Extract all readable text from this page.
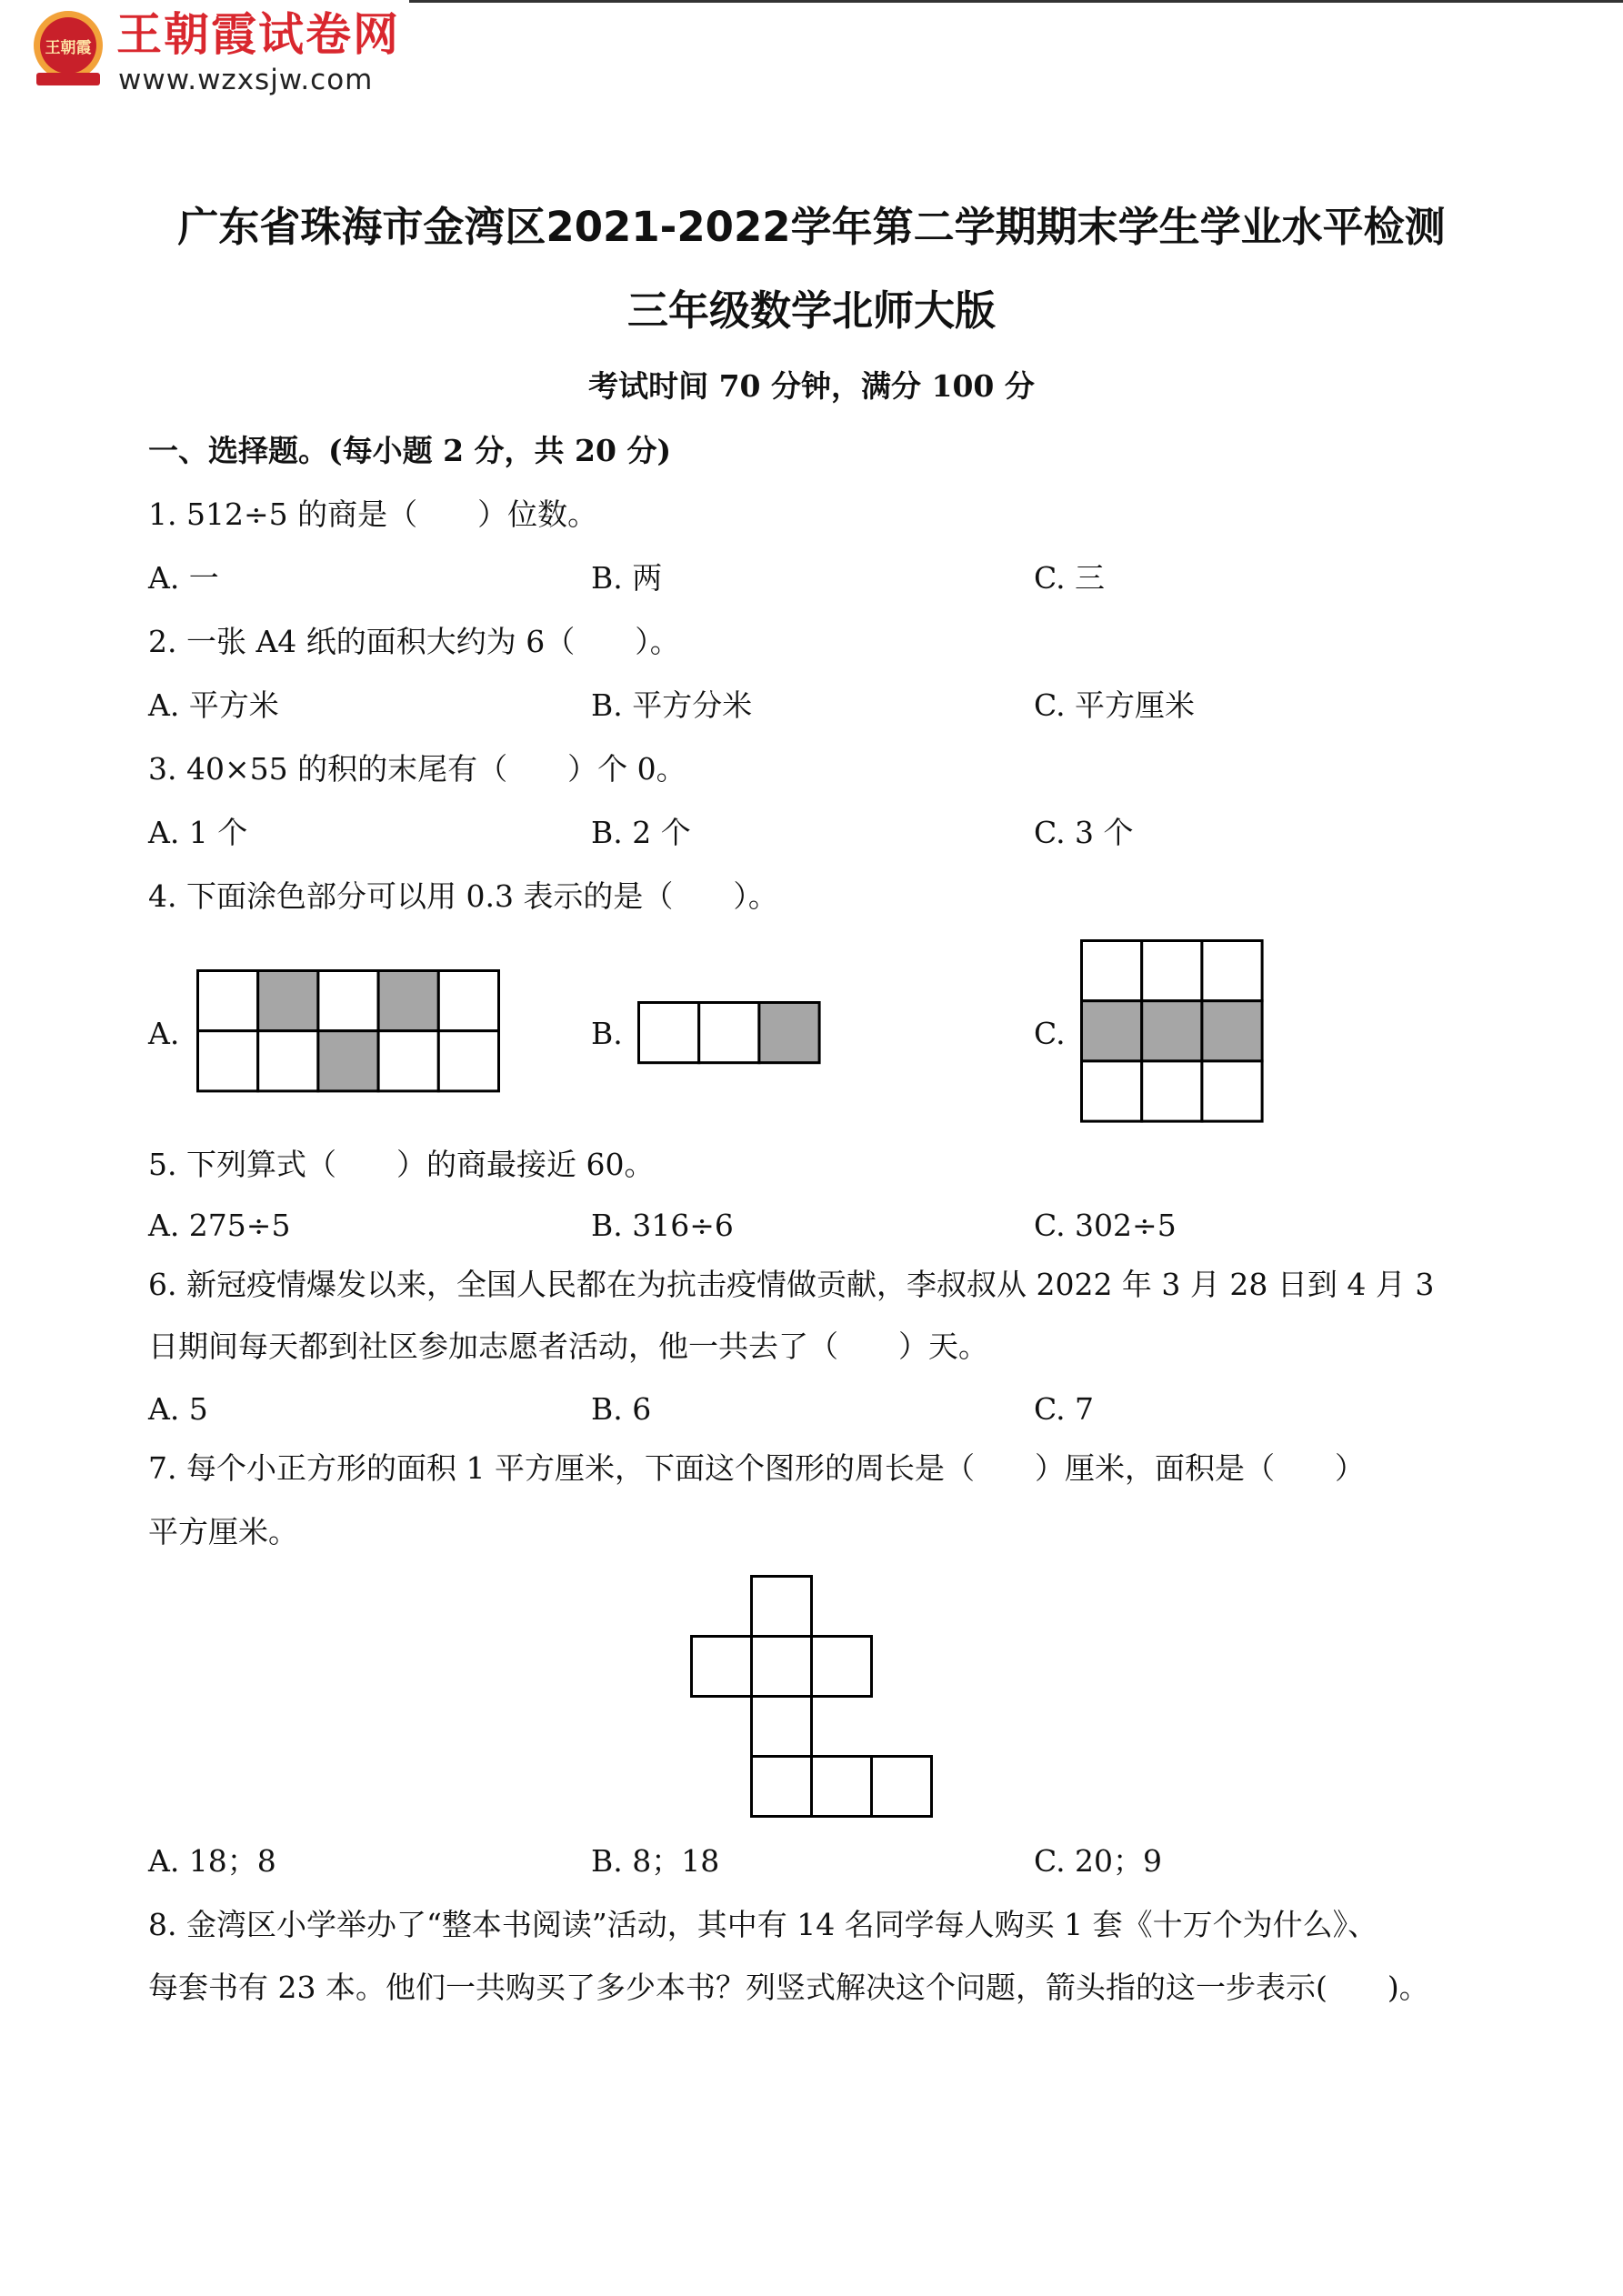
王朝霞 王朝霞试卷网
www.wzxsjw.com
广东省珠海市金湾区2021-2022学年第二学期期末学生学业水平检测
三年级数学北师大版
考试时间 70 分钟，满分 100 分
一、选择题。(每小题 2 分，共 20 分)
1. 512÷5 的商是（　　）位数。
A. 一	B. 两	C. 三
2. 一张 A4 纸的面积大约为 6（　　）。
A. 平方米	B. 平方分米	C. 平方厘米
3. 40×55 的积的末尾有（　　）个 0。
A. 1 个	B. 2 个	C. 3 个
4. 下面涂色部分可以用 0.3 表示的是（　　）。
A.	B.	C.
5. 下列算式（　　）的商最接近 60。
A. 275÷5	B. 316÷6	C. 302÷5
6. 新冠疫情爆发以来，全国人民都在为抗击疫情做贡献，李叔叔从 2022 年 3 月 28 日到 4 月 3
日期间每天都到社区参加志愿者活动，他一共去了（　　）天。
A. 5	B. 6	C. 7
7. 每个小正方形的面积 1 平方厘米，下面这个图形的周长是（　　）厘米，面积是（　　）
平方厘米。
A. 18；8	B. 8；18	C. 20；9
8. 金湾区小学举办了“整本书阅读”活动，其中有 14 名同学每人购买 1 套《十万个为什么》、
每套书有 23 本。他们一共购买了多少本书？列竖式解决这个问题，箭头指的这一步表示(　　)。
